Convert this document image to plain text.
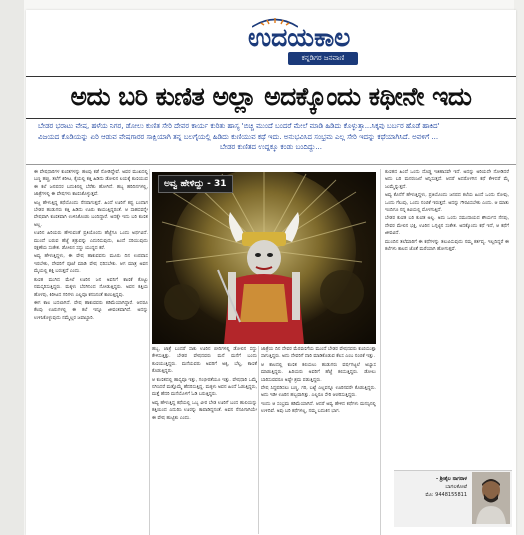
ಉದಯಕಾಲ
ಕನ್ನಡಿಗರ ಜನವಾಣಿ
ಅದು ಬರಿ ಕುಣಿತ ಅಲ್ಲಾ ಅದಕ್ಕೊಂದು ಕಥೀನೇ ಇದು
ಬೇಡರ ಭರಾಟು ವೇಷ, ಹಳೆಯ ನಿಗರ, ಡೋಲು ಕುಣಿತ ಸೇರಿ ದೇವರ ಕಾರ್ಯ ಕುರಿತು ಹಾಸ್ಯ 'ಬಿಚ್ಚಿ ಮುಂದೆ ಬಂದರೆ ಮೇಲೆ ಮಾಡಿ ಹಿಡಿದು ಕೊಳ್ಳುತ್ತಾ...ಸಿಕ್ಕವು ಬರ್ಬರ ಹೊಡೆ ಹಾಕಿದ'
ವಿಜಯದ ಕೊಡಿಯನ್ನು ಏರಿ ಆಡುವ ವೇಷಗಾರರ ಸಾಕ್ಷಿಯಾಗಿ ತನ್ನ ಬಲಗೈಯಲ್ಲಿ ಹಿಡಿದು ಕುಣಿಯುವ ಕಥೆ ಇದು. ಅನುಭವಿಸಿದ ಸಂಭ್ರಮ ಎಲ್ಲ ಸೇರಿ ಇದನ್ನು ಕಥೆಯಾಗಿಸಿದೆ. ಅವಳಿಗೆ ...
ಬೇಡರ ಕುಣಿತದ ಉದ್ದಕ್ಕೂ ಕಂಡು ಬಂದಿದ್ದು...

ಈ ವೇಷಧಾರಿಗಳ ಕುಣಿತಗಳನ್ನು ಹಲವು ಕಡೆ ನೋಡಿದ್ದೇವೆ. ಅವರ ಮುಖದಲ್ಲಿ ಬಣ್ಣ ಹಚ್ಚಿ, ತಲೆಗೆ ಕಿರೀಟ, ಕೈಯಲ್ಲಿ ಕತ್ತಿ ಹಿಡಿದು ಡೋಲಿನ ಲಯಕ್ಕೆ ಕುಣಿಯುವ ಈ ಕಲೆ ಜನಪದರ ಬದುಕಿನಲ್ಲಿ ಬೆರೆತು ಹೋಗಿದೆ. ಹಬ್ಬ ಹರಿದಿನಗಳಲ್ಲಿ, ಜಾತ್ರೆಗಳಲ್ಲಿ ಈ ವೇಷಗಳು ಕಾಣಿಸಿಕೊಳ್ಳುತ್ತವೆ.

ಅಜ್ಜ ಹೇಳುತ್ತಿದ್ದ ಕಥೆಯೊಂದು ನೆನಪಾಗುತ್ತದೆ. ಹಿಂದೆ ಊರಿಗೆ ಕಷ್ಟ ಬಂದಾಗ ಬೇಡರ ಹುಡುಗರು ಕತ್ತಿ ಹಿಡಿದು ಊರು ಕಾಯುತ್ತಿದ್ದರಂತೆ. ಆ ಸಾಹಸವನ್ನೇ ವೇಷವಾಗಿ ಕುಣಿತವಾಗಿ ಉಳಿಸಿಕೊಂಡು ಬಂದಿದ್ದಾರೆ. ಅದಕ್ಕೇ ಇದು ಬರಿ ಕುಣಿತ ಅಲ್ಲ.

ಊರಿನ ಹಿರಿಯರು ಹೇಳುವಂತೆ ಪ್ರತಿಯೊಂದು ಹೆಜ್ಜೆಗೂ ಒಂದು ಅರ್ಥವಿದೆ. ಮುಂದೆ ಬರುವ ಹೆಜ್ಜೆ ಶತ್ರುವನ್ನು ಎದುರಿಸುವುದು, ಹಿಂದೆ ಸರಿಯುವುದು ರಕ್ಷಣೆಯ ಸಂಕೇತ. ಡೋಲಿನ ಸದ್ದು ಯುದ್ಧದ ಕರೆ.

ಅವ್ವ ಹೇಳುತ್ತಿದ್ದಳು, ಈ ವೇಷ ಹಾಕುವವನು ಮೂರು ದಿನ ಉಪವಾಸ ಇರಬೇಕು, ದೇವರಿಗೆ ಪೂಜೆ ಮಾಡಿ ವೇಷ ಧರಿಸಬೇಕು. ಆಗ ಮಾತ್ರ ಅವನ ಮೈಯಲ್ಲಿ ಶಕ್ತಿ ಬರುತ್ತದೆ ಎಂದು.

ಕುಣಿತ ಮುಗಿದ ಮೇಲೆ ಊರಿನ ಜನ ಅವನಿಗೆ ಕಾಣಿಕೆ ಕೊಟ್ಟು ನಮಸ್ಕರಿಸುತ್ತಿದ್ದರು. ಮಕ್ಕಳು ಬೆರಗಿನಿಂದ ನೋಡುತ್ತಿದ್ದರು. ಅವನ ಕತ್ತಿಯ ಹೊಳಪು, ಕಿರೀಟದ ಗರಿಗಳು ಎಲ್ಲವೂ ಕನಸಿನಂತೆ ಕಾಣುತ್ತಿದ್ದವು.

ಈಗ ಕಾಲ ಬದಲಾಗಿದೆ. ವೇಷ ಹಾಕುವವರು ಕಡಿಮೆಯಾಗಿದ್ದಾರೆ. ಆದರೂ ಕೆಲವು ಊರುಗಳಲ್ಲಿ ಈ ಕಲೆ ಇನ್ನೂ ಜೀವಂತವಾಗಿದೆ. ಅದನ್ನು ಉಳಿಸಿಕೊಳ್ಳುವುದು ನಮ್ಮೆಲ್ಲರ ಜವಾಬ್ದಾರಿ.

ಅವ್ವ ಹೇಳಿದ್ದು - 31

ಹಬ್ಬ, ಜಾತ್ರೆ ಬಂದರೆ ಸಾಕು ಊರಿನ ಬೀದಿಗಳಲ್ಲಿ ಡೋಲಿನ ಸದ್ದು ಕೇಳಿಸುತ್ತಿತ್ತು. ಬೇಡರ ವೇಷದವರು ಮನೆ ಮನೆಗೆ ಬಂದು ಕುಣಿಯುತ್ತಿದ್ದರು. ಮನೆಯವರು ಅವರಿಗೆ ಅಕ್ಕಿ, ಬೆಲ್ಲ, ಕಾಣಿಕೆ ಕೊಡುತ್ತಿದ್ದರು.

ಆ ಕುಣಿತದಲ್ಲಿ ಹಾಸ್ಯವೂ ಇತ್ತು, ಗಂಭೀರತೆಯೂ ಇತ್ತು. ವೇಷಧಾರಿ ಒಮ್ಮೆ ನಗಿಸಿದರೆ ಮತ್ತೊಮ್ಮೆ ಹೆದರಿಸುತ್ತಿದ್ದ. ಮಕ್ಕಳು ಅವನ ಹಿಂದೆ ಓಡುತ್ತಿದ್ದರು, ಮತ್ತೆ ಹೆದರಿ ಮನೆಯೊಳಗೆ ಓಡಿ ಬರುತ್ತಿದ್ದರು.

ಅವ್ವ ಹೇಳುತ್ತಿದ್ದ ಕಥೆಯಲ್ಲಿ ಒಬ್ಬ ವೀರ ಬೇಡ ಊರಿಗೆ ಬಂದ ಹುಲಿಯನ್ನು ಕತ್ತಿಯಿಂದ ಎದುರಿಸಿ ಊರನ್ನು ಕಾಪಾಡಿದ್ದನಂತೆ. ಅವನ ನೆನಪಿಗಾಗಿಯೇ ಈ ವೇಷ ಹುಟ್ಟಿತು ಎಂದು.

ಜಾತ್ರೆಯ ದಿನ ದೇವರ ಮೆರವಣಿಗೆಯ ಮುಂದೆ ಬೇಡರ ವೇಷದವರು ಕುಣಿಯುತ್ತಾ ಸಾಗುತ್ತಿದ್ದರು. ಅದು ದೇವರಿಗೆ ದಾರಿ ಮಾಡಿಕೊಡುವ ಕೆಲಸ ಎಂಬ ನಂಬಿಕೆ ಇತ್ತು.

ಆ ಕಾಲದಲ್ಲಿ ಕುಣಿತ ಕಲಿಯಲು ಹುಡುಗರು ವರ್ಷಗಟ್ಟಲೆ ಅಭ್ಯಾಸ ಮಾಡುತ್ತಿದ್ದರು. ಹಿರಿಯರು ಅವರಿಗೆ ಹೆಜ್ಜೆ ಕಲಿಸುತ್ತಿದ್ದರು. ಡೋಲು ಬಾರಿಸುವವರೂ ಅಷ್ಟೇ ಶ್ರಮ ಪಡುತ್ತಿದ್ದರು.

ವೇಷ ಸಿದ್ಧಪಡಿಸಲು ಬಣ್ಣ, ಗರಿ, ಬಟ್ಟೆ ಎಲ್ಲವನ್ನೂ ಊರಿನವರೇ ಕೊಡುತ್ತಿದ್ದರು. ಅದು ಇಡೀ ಊರಿನ ಹಬ್ಬವಾಗಿತ್ತು. ಎಲ್ಲರೂ ಸೇರಿ ಆಚರಿಸುತ್ತಿದ್ದರು.

ಇಂದು ಆ ಸಂಭ್ರಮ ಕಡಿಮೆಯಾಗಿದೆ. ಆದರೆ ಅವ್ವ ಹೇಳಿದ ಕಥೆಗಳು ಮನಸ್ಸಿನಲ್ಲಿ ಉಳಿದಿವೆ. ಅವು ಬರಿ ಕಥೆಗಳಲ್ಲ, ನಮ್ಮ ಬದುಕಿನ ಭಾಗ.

ಕುಣಿತದ ಹಿಂದೆ ಒಂದು ದೊಡ್ಡ ಇತಿಹಾಸವೇ ಇದೆ. ಅದನ್ನು ಅರಿಯದೇ ನೋಡಿದರೆ ಅದು ಬರಿ ಮನರಂಜನೆ ಅನ್ನಿಸುತ್ತದೆ. ಆದರೆ ಅದರೊಳಗಿನ ಕಥೆ ಕೇಳಿದರೆ ಮೈ ಜುಮ್ಮೆನ್ನುತ್ತದೆ.

ಅವ್ವ ಕೊನೆಗೆ ಹೇಳುತ್ತಿದ್ದಳು, ಪ್ರತಿಯೊಂದು ಜನಪದ ಕಲೆಯ ಹಿಂದೆ ಒಂದು ನೋವು, ಒಂದು ಗೆಲುವು, ಒಂದು ನಂಬಿಕೆ ಇರುತ್ತದೆ. ಅದನ್ನು ಗೌರವಿಸಬೇಕು ಎಂದು. ಆ ಮಾತು ಇಂದಿಗೂ ನನ್ನ ಕಿವಿಯಲ್ಲಿ ಮೊಳಗುತ್ತಿದೆ.

ಬೇಡರ ಕುಣಿತ ಬರಿ ಕುಣಿತ ಅಲ್ಲ. ಅದು ಒಂದು ಸಮುದಾಯದ ಶೌರ್ಯದ ನೆನಪು, ದೇವರ ಮೇಲಿನ ಭಕ್ತಿ, ಊರಿನ ಒಗ್ಗಟ್ಟಿನ ಸಂಕೇತ. ಅದಕ್ಕೊಂದು ಕಥೆ ಇದೆ, ಆ ಕಥೆಗೆ ಜೀವವಿದೆ.

ಮುಂದಿನ ತಲೆಮಾರಿಗೆ ಈ ಕಥೆಗಳನ್ನು ತಲುಪಿಸುವುದು ನಮ್ಮ ಕರ್ತವ್ಯ. ಇಲ್ಲದಿದ್ದರೆ ಈ ಕಲೆಗಳು ಕಾಲದ ಜೊತೆ ಮರೆಯಾಗಿ ಹೋಗುತ್ತವೆ.

- ಶ್ರೀಶೈಲ ನಾಗರಾಳ
ಬಾಗಲಕೋಟೆ
ಮೊ: 9448155811
